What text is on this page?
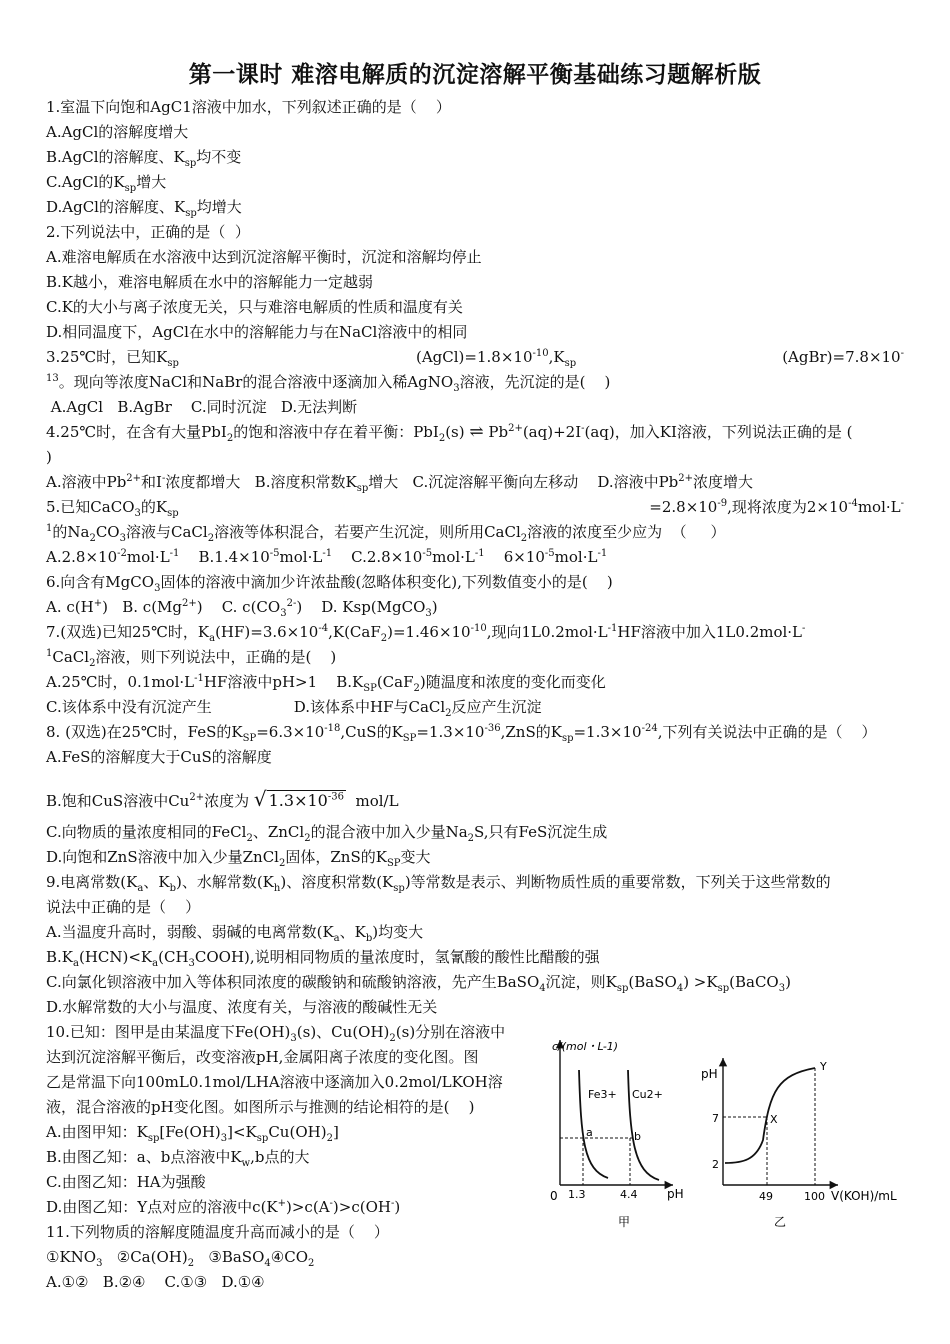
第一课时 难溶电解质的沉淀溶解平衡基础练习题解析版
1.室温下向饱和AgC1溶液中加水，下列叙述正确的是（    ）
A.AgCl的溶解度增大
B.AgCl的溶解度、$K_{sp}$均不变
C.AgCl的$K_{sp}$增大
D.AgCl的溶解度、$K_{sp}$均增大
2.下列说法中，正确的是（  ）
A.难溶电解质在水溶液中达到沉淀溶解平衡时，沉淀和溶解均停止
B.K越小，难溶电解质在水中的溶解能力一定越弱
C.K的大小与离子浓度无关，只与难溶电解质的性质和温度有关
D.相同温度下，AgCl在水中的溶解能力与在NaCl溶液中的相同
3.25℃时，已知$K_{sp}$	$(AgCl)=1.8\times 10^{-10},K_{sp}$	(AgBr)=7.8×10-
$^{13}$。现向等浓度NaCl和NaBr的混合溶液中逐滴加入稀AgNO$_3$溶液，先沉淀的是(    )
A.AgCl   B.AgBr    C.同时沉淀   D.无法判断
4.25℃时，在含有大量PbI$_2$的饱和溶液中存在着平衡：PbI$_2$(s) ⇌ $Pb^{2+}(aq)+2I^-(aq)$，加入KI溶液，下列说法正确的是 (
)
A.溶液中$Pb^{2+}$和I-浓度都增大   B.溶度积常数$K_{sp}$增大   C.沉淀溶解平衡向左移动    D.溶液中$Pb^{2+}$浓度增大
5.已知CaCO$_3$的$K_{sp}$	$=2.8\times 10^{-9}$,现将浓度为$2\times 10^{-4}mol\cdot L^-$
$^1$的$Na_2CO_3$溶液与CaCl$_2$溶液等体积混合，若要产生沉淀，则所用CaCl$_2$溶液的浓度至少应为  （     ）
$A.2.8\times 10^{-2}mol\cdot L^{-1}$    $B.1.4\times 10^{-5}mol\cdot L^{-1}$    $C.2.8\times 10^{-5}mol\cdot L^{-1}$    $6\times 10^{-5}mol\cdot L^{-1}$
6.向含有MgCO$_3$固体的溶液中滴加少许浓盐酸(忽略体积变化),下列数值变小的是(    )
A. c(H+)   B. $c(Mg^{2+})$    C. $c(CO_3^{2-})$    D. Ksp(MgCO$_3$)
7.(双选)已知25℃时，$K_a(HF)=3.6\times 10^{-4},K(CaF_2)=1.46\times 10^{-10}$,现向$1L0.2mol\cdot L^{-1}HF$溶液中加入1L0.2mol·L-
$^1$CaCl$_2$溶液，则下列说法中，正确的是(    )
A.25℃时，$0.1mol\cdot L^{-1}HF$溶液中pH>1    $B.K_{SP}(CaF_2)$随温度和浓度的变化而变化
C.该体系中没有沉淀产生	D.该体系中HF与CaCl$_2$反应产生沉淀
8. (双选)在25℃时，FeS的$K_{SP}=6.3\times 10^{-18},CuS$的$K_{SP}=1.3\times 10^{-36},ZnS$的$K_{sp}=1.3\times 10^{-24}$,下列有关说法中正确的是（    ）
A.FeS的溶解度大于CuS的溶解度
B.饱和CuS溶液中$Cu^{2+}$浓度为 √ $1.3\times 10^{-36}$  mol/L
C.向物质的量浓度相同的FeCl$_2$、ZnCl$_2$的混合液中加入少量$Na_2S$,只有FeS沉淀生成
D.向饱和ZnS溶液中加入少量ZnCl$_2$固体，ZnS的$K_{SP}$变大
9.电离常数($K_a$、$K_b$)、水解常数$(K_h)$、溶度积常数$(K_{sp})$等常数是表示、判断物质性质的重要常数，下列关于这些常数的
说法中正确的是（    ）
A.当温度升高时，弱酸、弱碱的电离常数($K_a$、$K_b$)均变大
$B.K_a(HCN)<K_a(CH_3COOH)$,说明相同物质的量浓度时，氢氰酸的酸性比醋酸的强
C.向氯化钡溶液中加入等体积同浓度的碳酸钠和硫酸钠溶液，先产生BaSO$_4$沉淀，则$K_{sp}(BaSO_4)$ $>K_{sp}(BaCO_3)$
D.水解常数的大小与温度、浓度有关，与溶液的酸碱性无关
10.已知：图甲是由某温度下$Fe(OH)_3(s)$、$Cu(OH)_2(s)$分别在溶液中
达到沉淀溶解平衡后，改变溶液pH,金属阳离子浓度的变化图。图
乙是常温下向100mL0.1mol/LHA溶液中逐滴加入0.2mol/LKOH溶
液，混合溶液的pH变化图。如图所示与推测的结论相符的是(    )
A.由图甲知：$K_{sp}[Fe(OH)_3]<K_{sp}Cu(OH)_2$]
B.由图乙知：a、b点溶液中$K_w,b$点的大
C.由图乙知：HA为强酸
D.由图乙知：Y点对应的溶液中c(K+)>c(A-)>c(OH-)
11.下列物质的溶解度随温度升高而减小的是（    ）
$①KNO_3$   $②Ca(OH)_2$   $③BaSO_4④CO_2$
A.①②   B.②④    C.①③   D.①④
c/(mol・L-1)
pH
0 1.3	4.4
Fe3+ Cu2+
a	b
甲
pH
V(KOH)/mL
7
2
49	100
X
Y
乙
